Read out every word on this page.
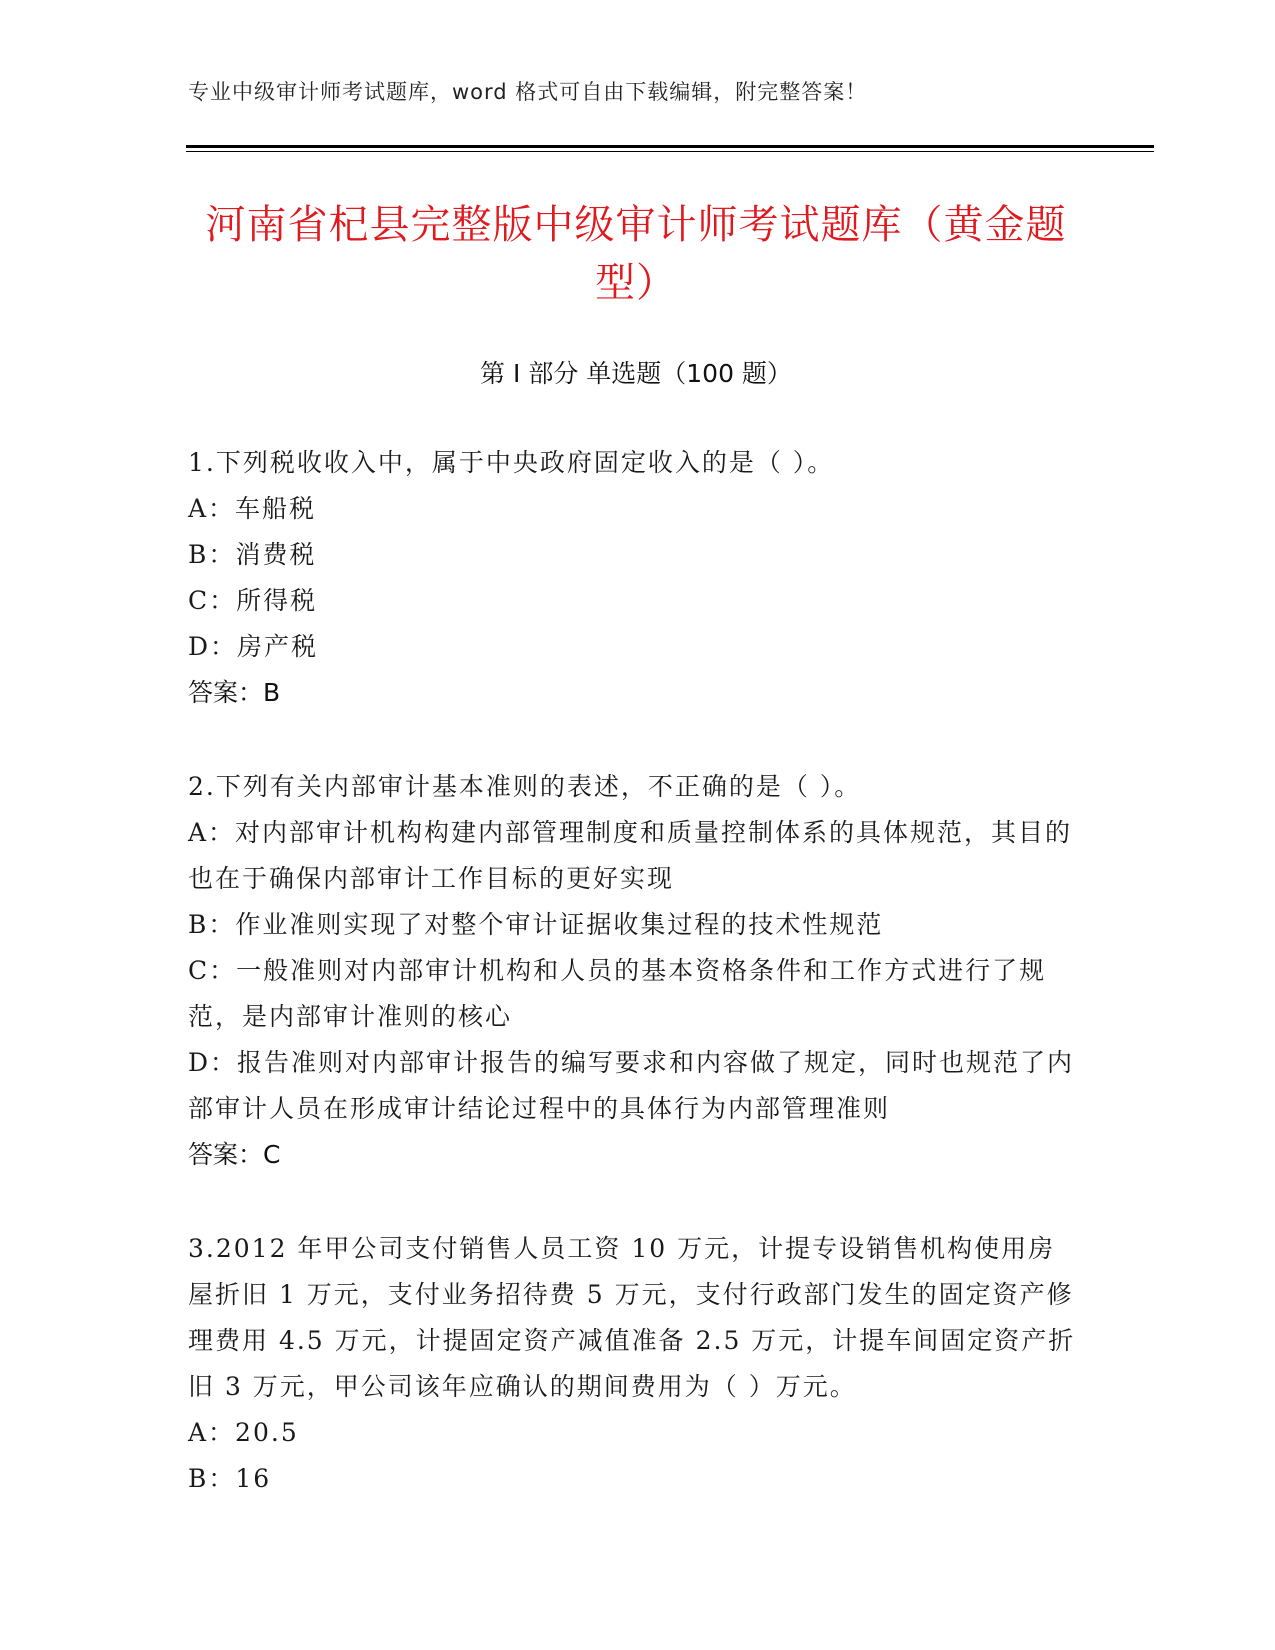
专业中级审计师考试题库，word 格式可自由下载编辑，附完整答案！
河南省杞县完整版中级审计师考试题库（黄金题型）
第 I 部分 单选题（100 题）

1.下列税收收入中，属于中央政府固定收入的是（ ）。

A：车船税

B：消费税

C：所得税

D：房产税

答案：B

2.下列有关内部审计基本准则的表述，不正确的是（ ）。

A：对内部审计机构构建内部管理制度和质量控制体系的具体规范，其目的也在于确保内部审计工作目标的更好实现

B：作业准则实现了对整个审计证据收集过程的技术性规范

C：一般准则对内部审计机构和人员的基本资格条件和工作方式进行了规范，是内部审计准则的核心

D：报告准则对内部审计报告的编写要求和内容做了规定，同时也规范了内部审计人员在形成审计结论过程中的具体行为内部管理准则

答案：C

3.2012 年甲公司支付销售人员工资 10 万元，计提专设销售机构使用房屋折旧 1 万元，支付业务招待费 5 万元，支付行政部门发生的固定资产修理费用 4.5 万元，计提固定资产减值准备 2.5 万元，计提车间固定资产折旧 3 万元，甲公司该年应确认的期间费用为（ ）万元。

A：20.5

B：16
